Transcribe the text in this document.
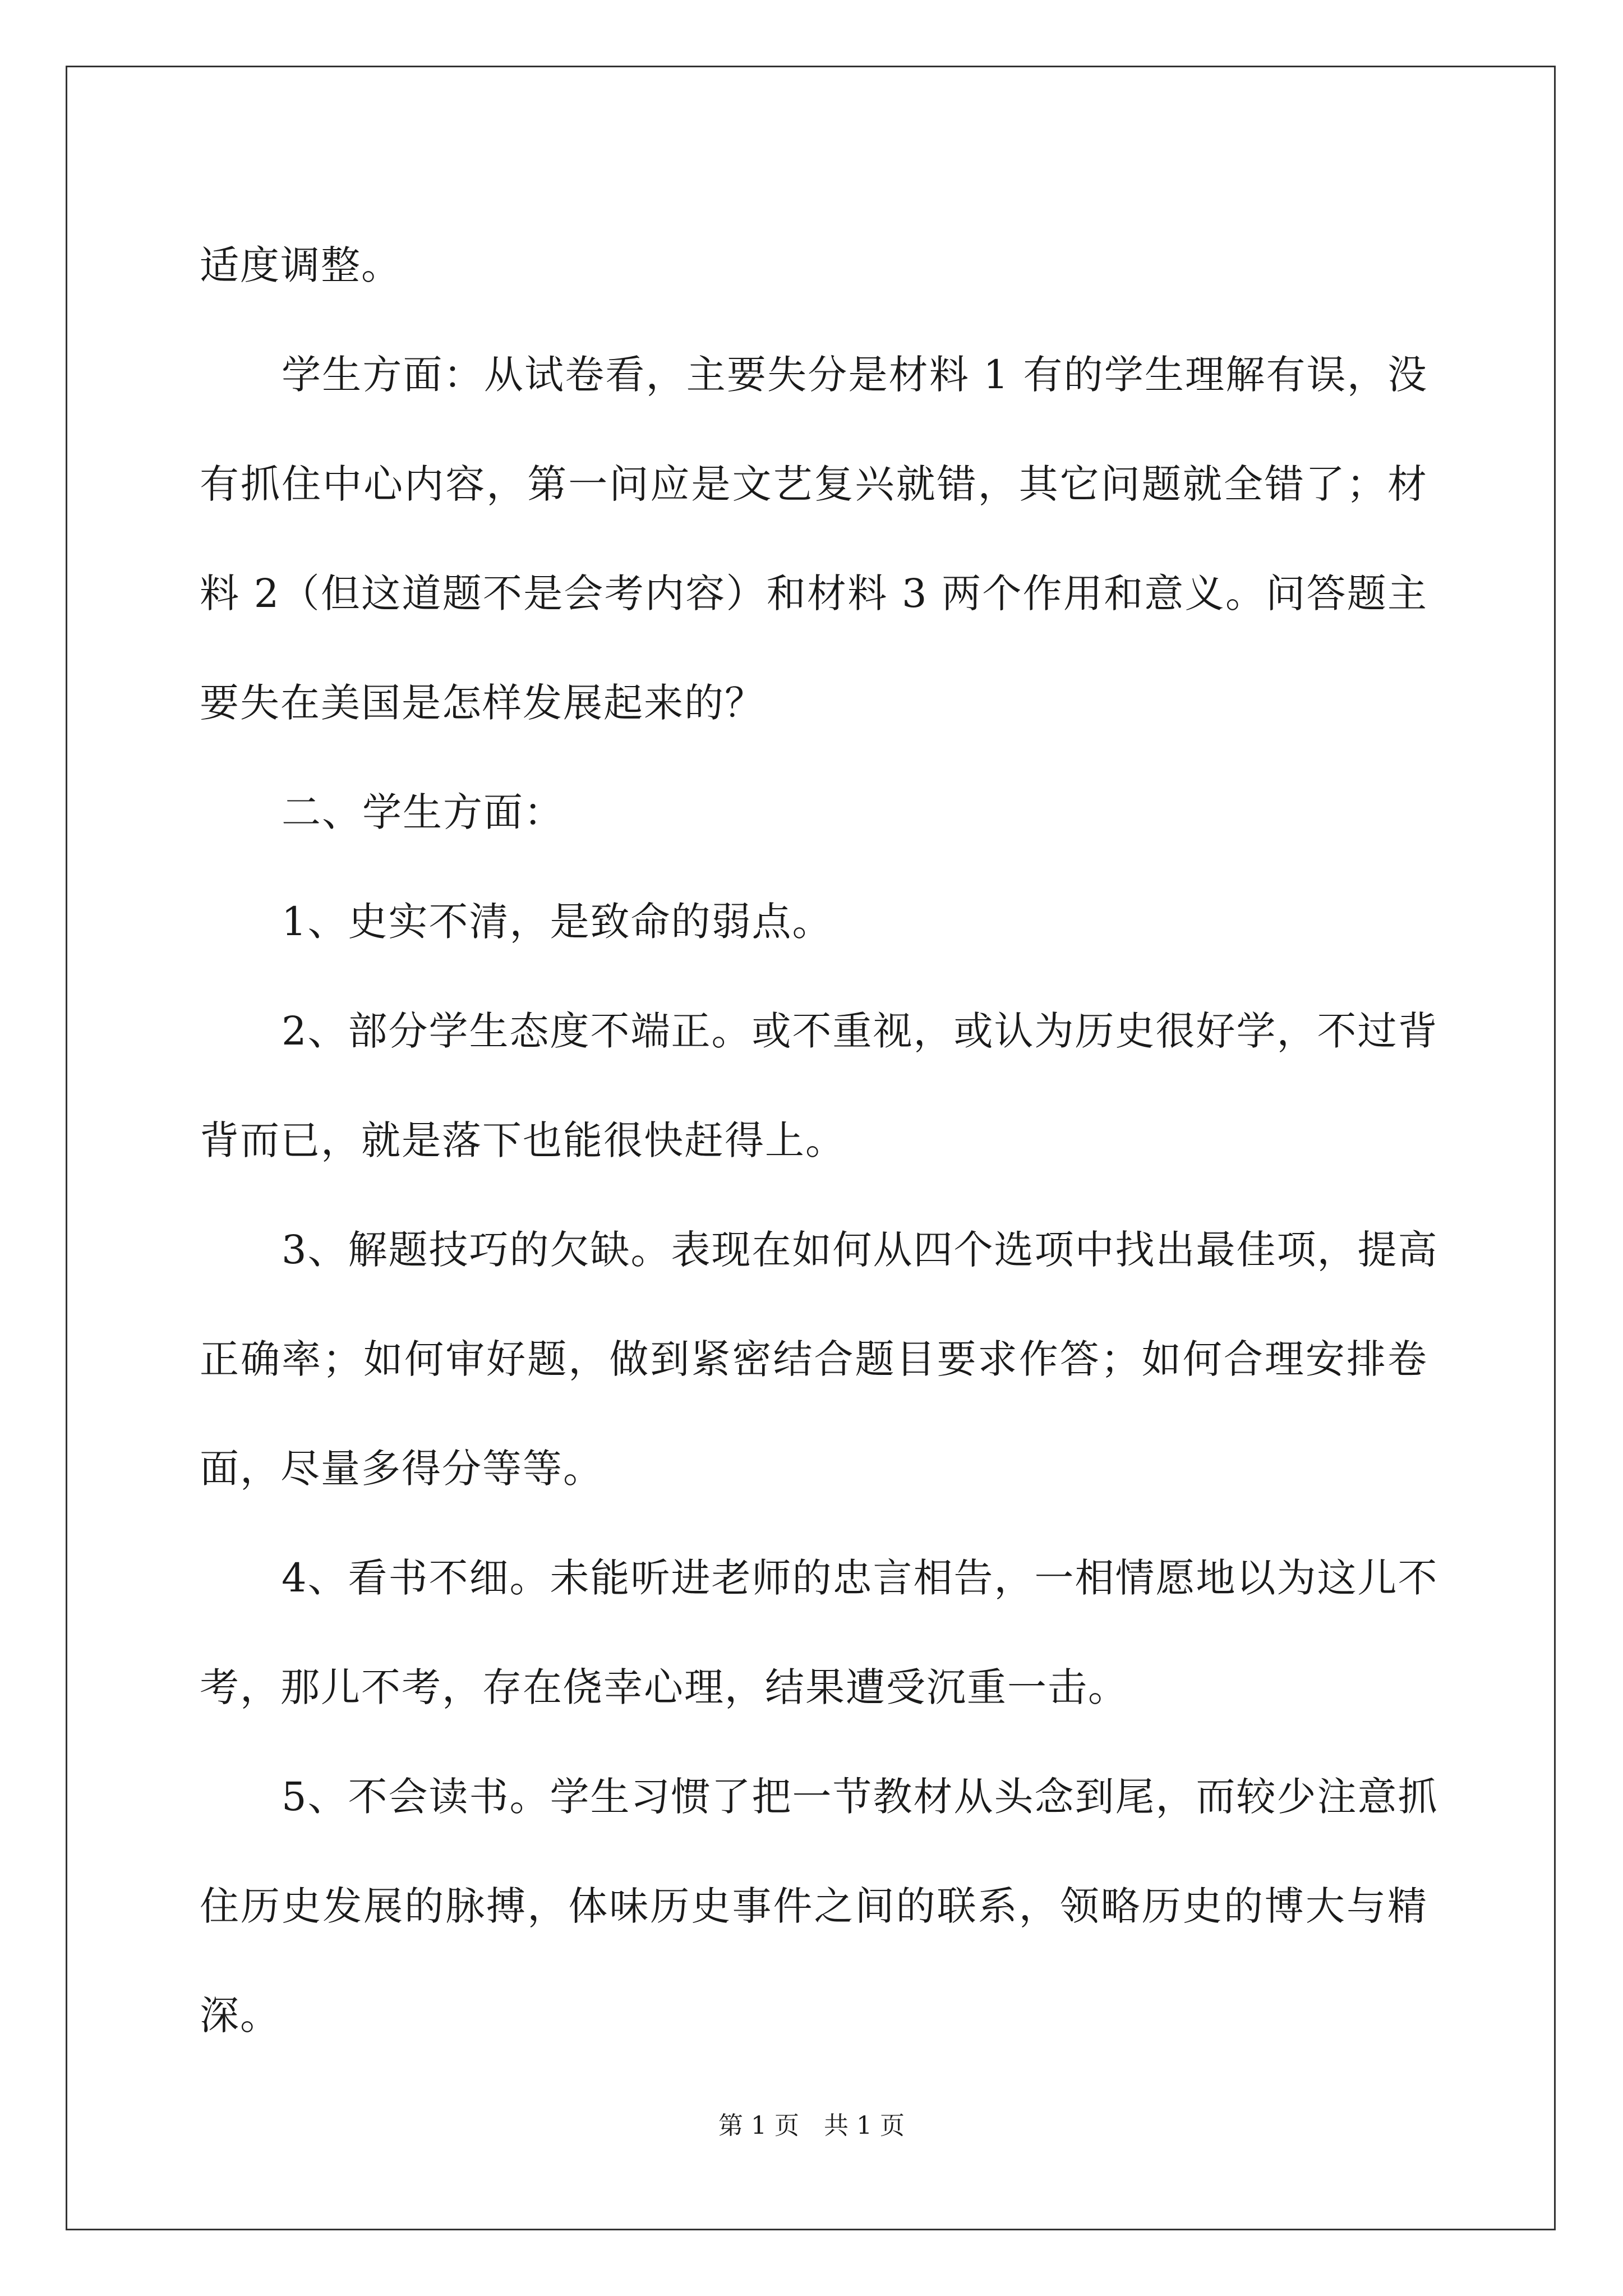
适度调整。
学生方面：从试卷看，主要失分是材料 1 有的学生理解有误，没
有抓住中心内容，第一问应是文艺复兴就错，其它问题就全错了；材
料 2（但这道题不是会考内容）和材料 3 两个作用和意义。问答题主
要失在美国是怎样发展起来的？
二、学生方面：
1、史实不清，是致命的弱点。
2、部分学生态度不端正。或不重视，或认为历史很好学，不过背
背而已，就是落下也能很快赶得上。
3、解题技巧的欠缺。表现在如何从四个选项中找出最佳项，提高
正确率；如何审好题，做到紧密结合题目要求作答；如何合理安排卷
面，尽量多得分等等。
4、看书不细。未能听进老师的忠言相告，一相情愿地以为这儿不
考，那儿不考，存在侥幸心理，结果遭受沉重一击。
5、不会读书。学生习惯了把一节教材从头念到尾，而较少注意抓
住历史发展的脉搏，体味历史事件之间的联系，领略历史的博大与精
深。
第 1 页　共 1 页
